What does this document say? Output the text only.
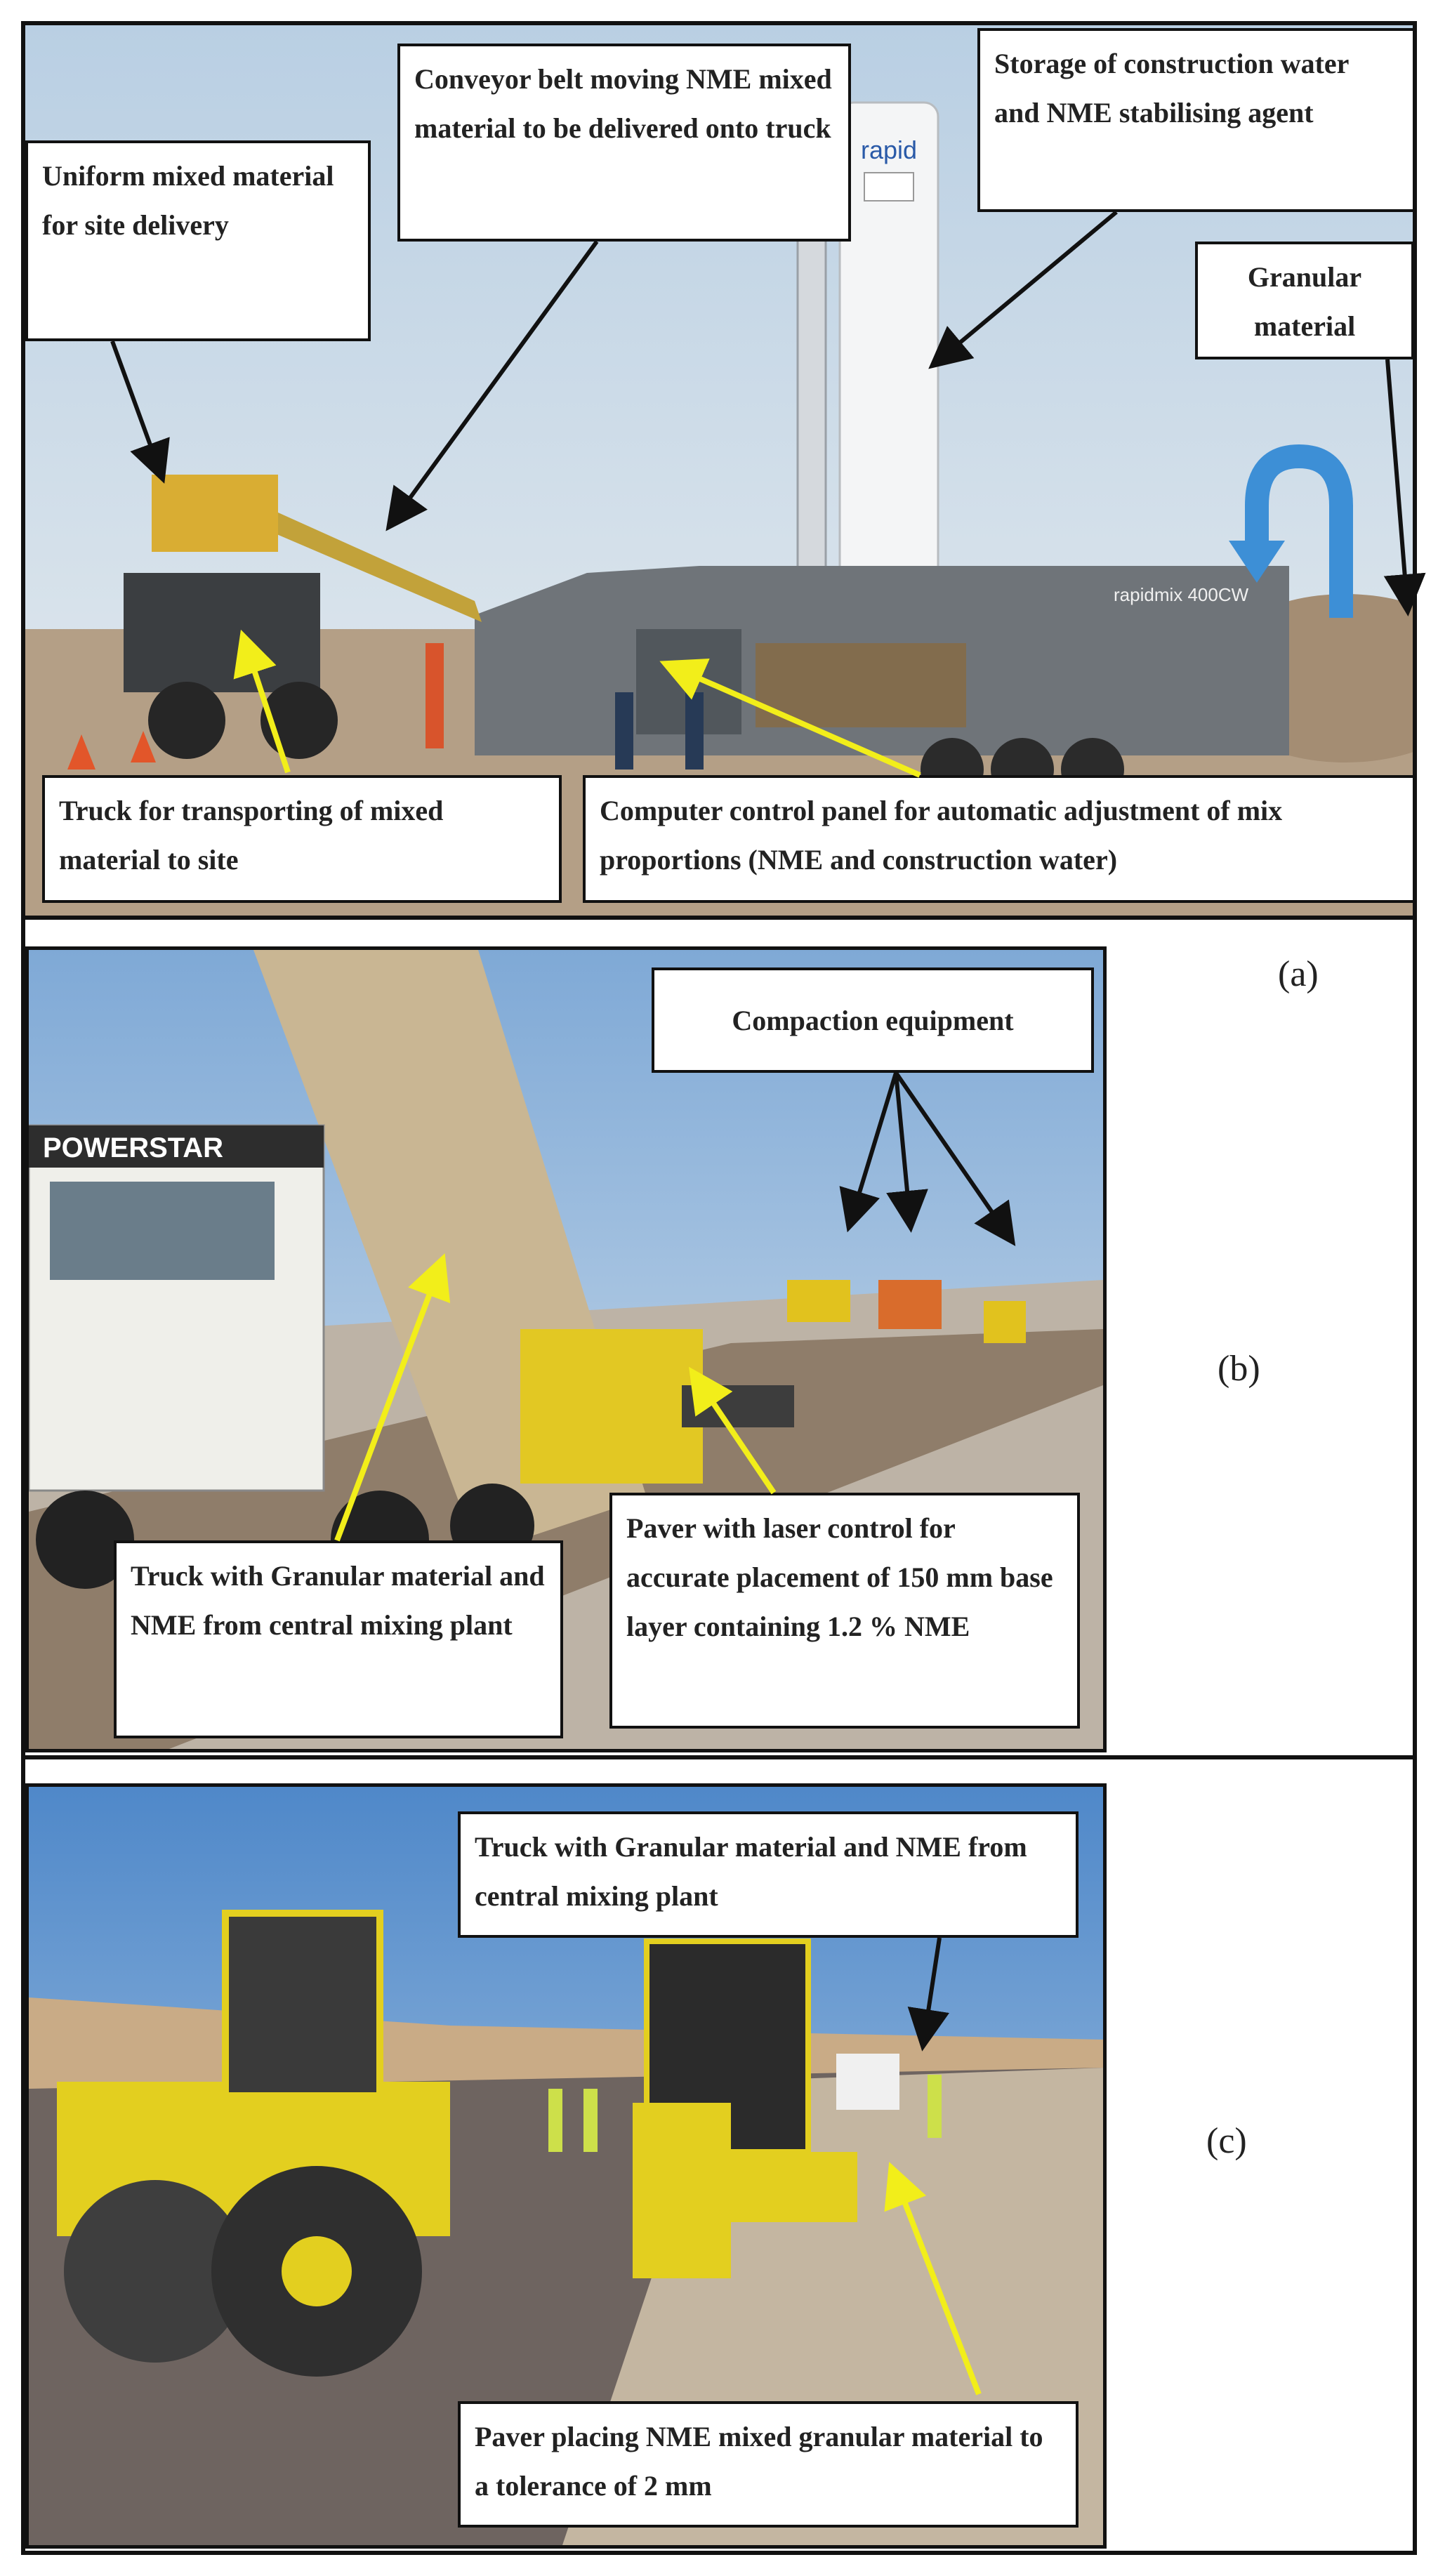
rapid
rapidmix 400CW
POWERSTAR
Uniform mixed material for site delivery
Conveyor belt moving NME mixed material to be delivered onto truck
Storage of construction water and NME stabilising agent
Granular material
Truck for transporting of mixed material to site
Computer control panel for automatic adjustment of mix proportions (NME and construction water)
Compaction equipment
Truck with Granular material and NME from central mixing plant
Paver with laser control for accurate placement of 150 mm base layer containing 1.2 % NME
Truck with Granular material and NME from central mixing plant
Paver placing NME mixed granular material to a tolerance of 2 mm
(a)
(b)
(c)
